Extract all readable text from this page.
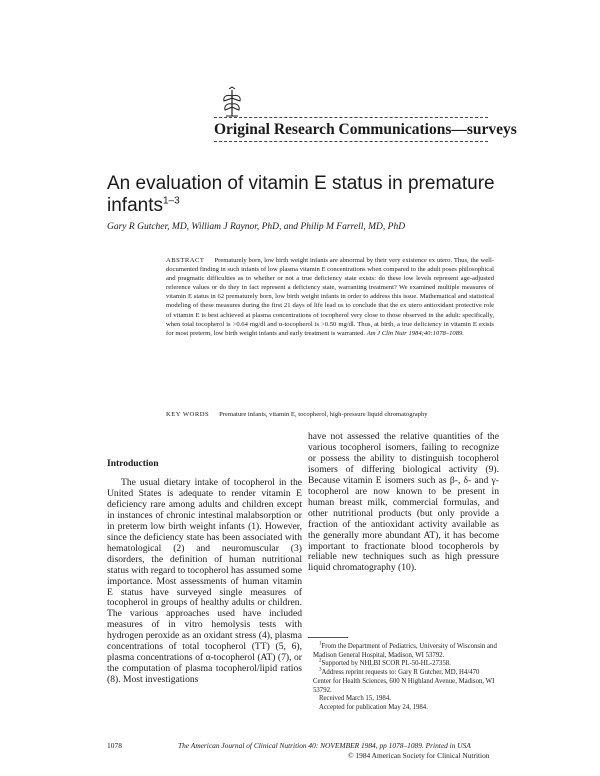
Original Research Communications—surveys
An evaluation of vitamin E status in premature infants$^{1-3}$
Gary R Gutcher, MD, William J Raynor, PhD, and Philip M Farrell, MD, PhD
ABSTRACT Prematurely born, low birth weight infants are abnormal by their very existence ex utero. Thus, the well-documented finding in such infants of low plasma vitamin E concentrations when compared to the adult poses philosophical and pragmatic difficulties as to whether or not a true deficiency state exists: do these low levels represent age-adjusted reference values or do they in fact represent a deficiency state, warranting treatment? We examined multiple measures of vitamin E status in 62 prematurely born, low birth weight infants in order to address this issue. Mathematical and statistical modeling of these measures during the first 21 days of life lead us to conclude that the ex utero antioxidant protective role of vitamin E is best achieved at plasma concentrations of tocopherol very close to those observed in the adult: specifically, when total tocopherol is >0.64 mg/dl and α-tocopherol is >0.50 mg/dl. Thus, at birth, a true deficiency in vitamin E exists for most preterm, low birth weight infants and early treatment is warranted. Am J Clin Nutr 1984;40:1078–1089.
KEY WORDS Premature infants, vitamin E, tocopherol, high-pressure liquid chromatography
Introduction
The usual dietary intake of tocopherol in the United States is adequate to render vitamin E deficiency rare among adults and children except in instances of chronic intestinal malabsorption or in preterm low birth weight infants (1). However, since the deficiency state has been associated with hematological (2) and neuromuscular (3) disorders, the definition of human nutritional status with regard to tocopherol has assumed some importance. Most assessments of human vitamin E status have surveyed single measures of tocopherol in groups of healthy adults or children. The various approaches used have included measures of in vitro hemolysis tests with hydrogen peroxide as an oxidant stress (4), plasma concentrations of total tocopherol (TT) (5, 6), plasma concentrations of α-tocopherol (AT) (7), or the computation of plasma tocopherol/lipid ratios (8). Most investigations
have not assessed the relative quantities of the various tocopherol isomers, failing to recognize or possess the ability to distinguish tocopherol isomers of differing biological activity (9). Because vitamin E isomers such as β-, δ- and γ-tocopherol are now known to be present in human breast milk, commercial formulas, and other nutritional products (but only provide a fraction of the antioxidant activity available as the generally more abundant AT), it has become important to fractionate blood tocopherols by reliable new techniques such as high pressure liquid chromatography (10).

$^1$From the Department of Pediatrics, University of Wisconsin and Madison General Hospital, Madison, WI 53792.

$^2$Supported by NHLBI SCOR PL-50-HL-27358.

$^3$Address reprint requests to: Gary R Gutcher, MD, H4/470 Center for Health Sciences, 600 N Highland Avenue, Madison, WI 53792.

Received March 15, 1984.

Accepted for publication May 24, 1984.

1078	The American Journal of Clinical Nutrition 40: NOVEMBER 1984, pp 1078–1089. Printed in USA
© 1984 American Society for Clinical Nutrition
